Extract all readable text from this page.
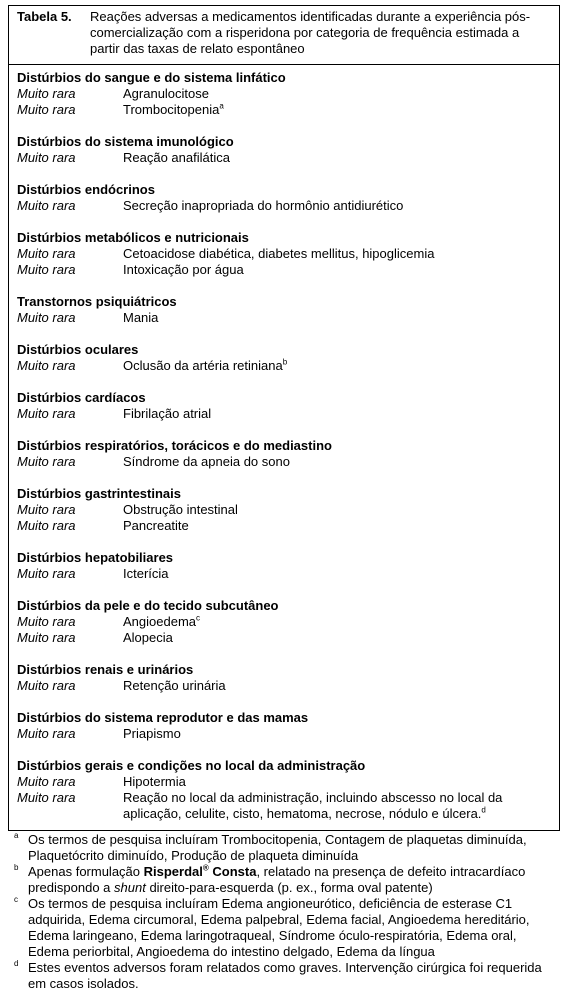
Tabela 5.	Reações adversas a medicamentos identificadas durante a experiência pós-comercialização com a risperidona por categoria de frequência estimada a partir das taxas de relato espontâneo
Distúrbios do sangue e do sistema linfático
Muito rara	Agranulocitose
Muito rara	Trombocitopenia$^a$
Distúrbios do sistema imunológico
Muito rara	Reação anafilática
Distúrbios endócrinos
Muito rara	Secreção inapropriada do hormônio antidiurético
Distúrbios metabólicos e nutricionais
Muito rara	Cetoacidose diabética, diabetes mellitus, hipoglicemia
Muito rara	Intoxicação por água
Transtornos psiquiátricos
Muito rara	Mania
Distúrbios oculares
Muito rara	Oclusão da artéria retiniana$^b$
Distúrbios cardíacos
Muito rara	Fibrilação atrial
Distúrbios respiratórios, torácicos e do mediastino
Muito rara	Síndrome da apneia do sono
Distúrbios gastrintestinais
Muito rara	Obstrução intestinal
Muito rara	Pancreatite
Distúrbios hepatobiliares
Muito rara	Icterícia
Distúrbios da pele e do tecido subcutâneo
Muito rara	Angioedema$^c$
Muito rara	Alopecia
Distúrbios renais e urinários
Muito rara	Retenção urinária
Distúrbios do sistema reprodutor e das mamas
Muito rara	Priapismo
Distúrbios gerais e condições no local da administração
Muito rara	Hipotermia
Muito rara	Reação no local da administração, incluindo abscesso no local da aplicação, celulite, cisto, hematoma, necrose, nódulo e úlcera.$^d$
a Os termos de pesquisa incluíram Trombocitopenia, Contagem de plaquetas diminuída, Plaquetócrito diminuído, Produção de plaqueta diminuída
b Apenas formulação Risperdal® Consta, relatado na presença de defeito intracardíaco predispondo a shunt direito-para-esquerda (p. ex., forma oval patente)
c Os termos de pesquisa incluíram Edema angioneurótico, deficiência de esterase C1 adquirida, Edema circumoral, Edema palpebral, Edema facial, Angioedema hereditário, Edema laringeano, Edema laringotraqueal, Síndrome óculo-respiratória, Edema oral, Edema periorbital, Angioedema do intestino delgado, Edema da língua
d Estes eventos adversos foram relatados como graves. Intervenção cirúrgica foi requerida em casos isolados.
